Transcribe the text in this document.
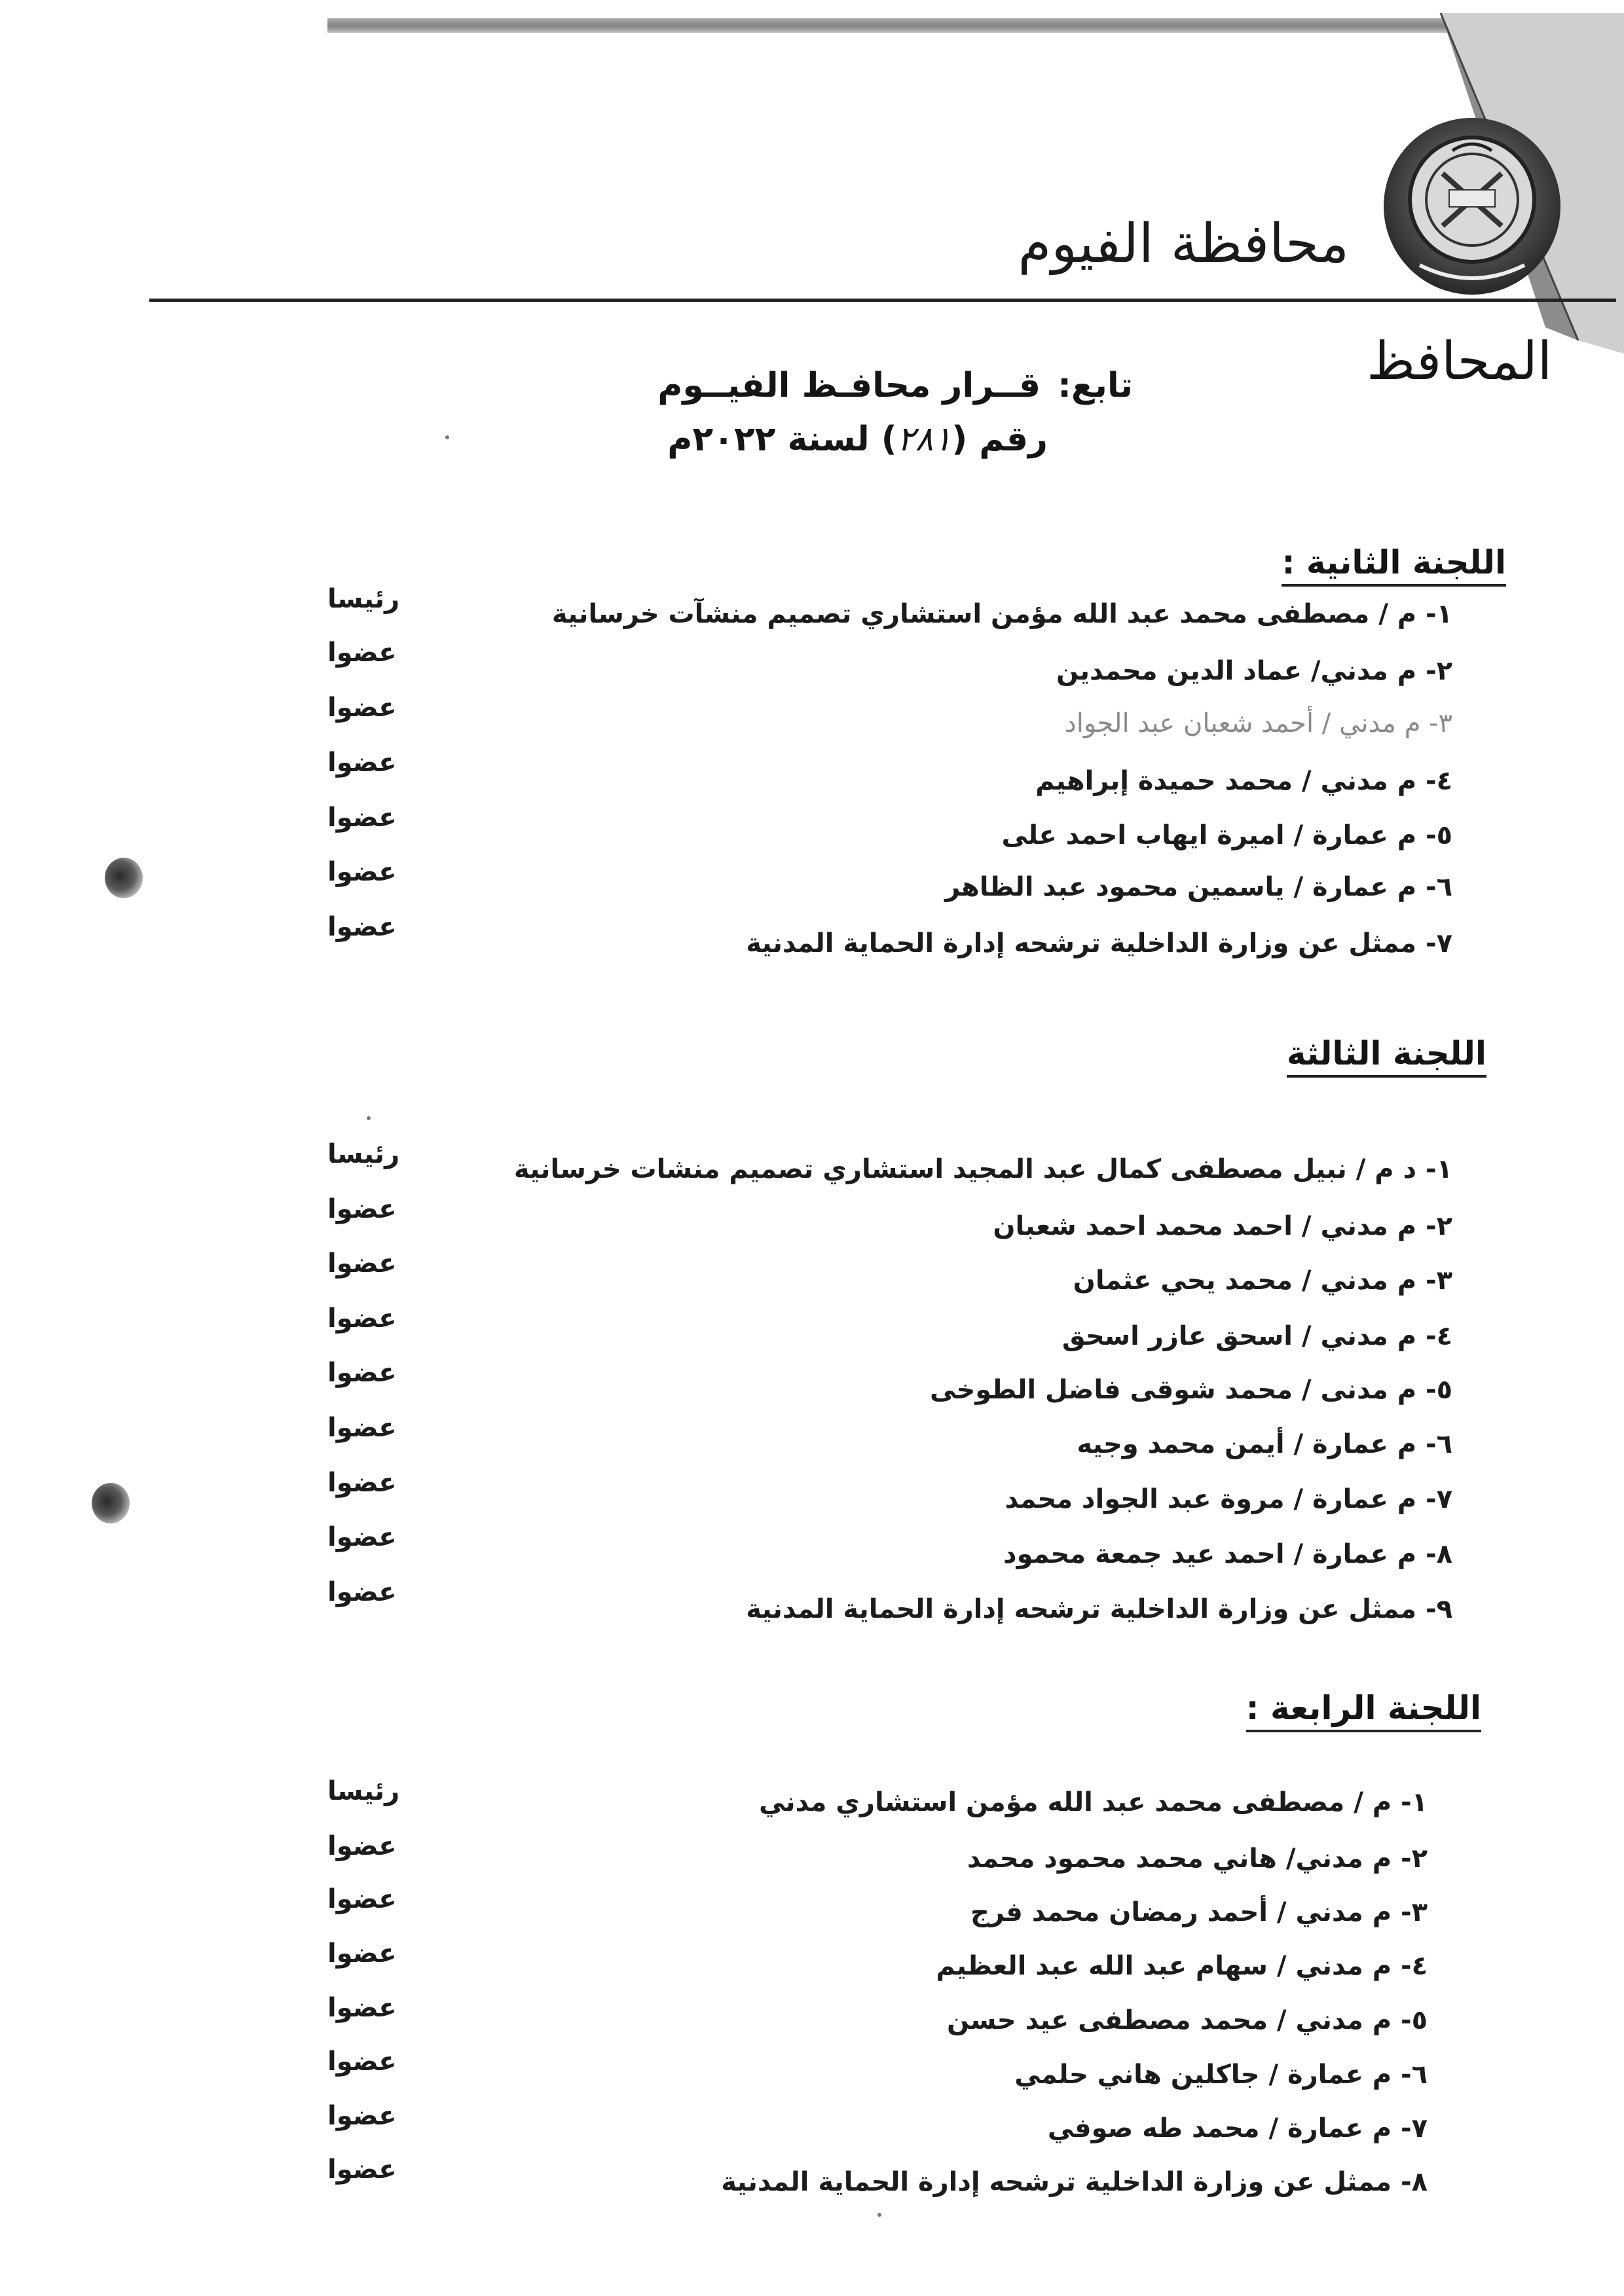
محافظة الفيوم
المحافظ
تابع:قــرار محافـظ الفيــوم
رقم (٢٨١) لسنة ٢٠٢٢م
اللجنة الثانية :
١- م / مصطفى محمد عبد الله مؤمن استشاري تصميم منشآت خرسانية
رئيسا
٢- م مدني/ عماد الدين محمدين
عضوا
٣- م مدني / أحمد شعبان عبد الجواد
عضوا
٤- م مدني / محمد حميدة إبراهيم
عضوا
٥- م عمارة / اميرة ايهاب احمد على
عضوا
٦- م عمارة / ياسمين محمود عبد الظاهر
عضوا
٧- ممثل عن وزارة الداخلية ترشحه إدارة الحماية المدنية
عضوا
اللجنة الثالثة
١- د م / نبيل مصطفى كمال عبد المجيد استشاري تصميم منشات خرسانية
رئيسا
٢- م مدني / احمد محمد احمد شعبان
عضوا
٣- م مدني / محمد يحي عثمان
عضوا
٤- م مدني / اسحق عازر اسحق
عضوا
٥- م مدنى / محمد شوقى فاضل الطوخى
عضوا
٦- م عمارة / أيمن محمد وجيه
عضوا
٧- م عمارة / مروة عبد الجواد محمد
عضوا
٨- م عمارة / احمد عيد جمعة محمود
عضوا
٩- ممثل عن وزارة الداخلية ترشحه إدارة الحماية المدنية
عضوا
اللجنة الرابعة :
١- م / مصطفى محمد عبد الله مؤمن استشاري مدني
رئيسا
٢- م مدني/ هاني محمد محمود محمد
عضوا
٣- م مدني / أحمد رمضان محمد فرج
عضوا
٤- م مدني / سهام عبد الله عبد العظيم
عضوا
٥- م مدني / محمد مصطفى عيد حسن
عضوا
٦- م عمارة / جاكلين هاني حلمي
عضوا
٧- م عمارة / محمد طه صوفي
عضوا
٨- ممثل عن وزارة الداخلية ترشحه إدارة الحماية المدنية
عضوا
